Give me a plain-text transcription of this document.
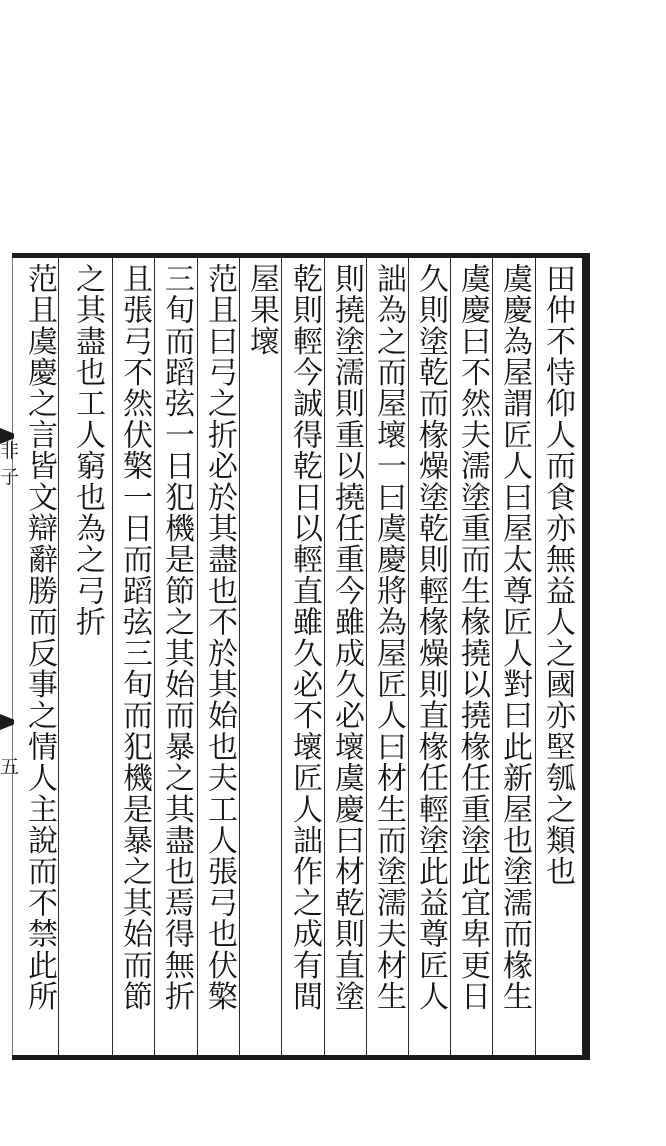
非
子
五	田仲不恃仰人而食亦無益人之國亦堅瓠之類也
虞慶為屋謂匠人曰屋太尊匠人對曰此新屋也塗濡而椽生
虞慶曰不然夫濡塗重而生椽撓以撓椽任重塗此宜卑更日
久則塗乾而椽燥塗乾則輕椽燥則直椽任輕塗此益尊匠人
詘為之而屋壞一曰虞慶將為屋匠人曰材生而塗濡夫材生
則撓塗濡則重以撓任重今雖成久必壞虞慶曰材乾則直塗
乾則輕今誠得乾日以輕直雖久必不壞匠人詘作之成有間
屋果壞
范且曰弓之折必於其盡也不於其始也夫工人張弓也伏檠
三旬而蹈弦一日犯機是節之其始而暴之其盡也焉得無折
且張弓不然伏檠一日而蹈弦三旬而犯機是暴之其始而節
之其盡也工人窮也為之弓折
范且虞慶之言皆文辯辭勝而反事之情人主說而不禁此所
